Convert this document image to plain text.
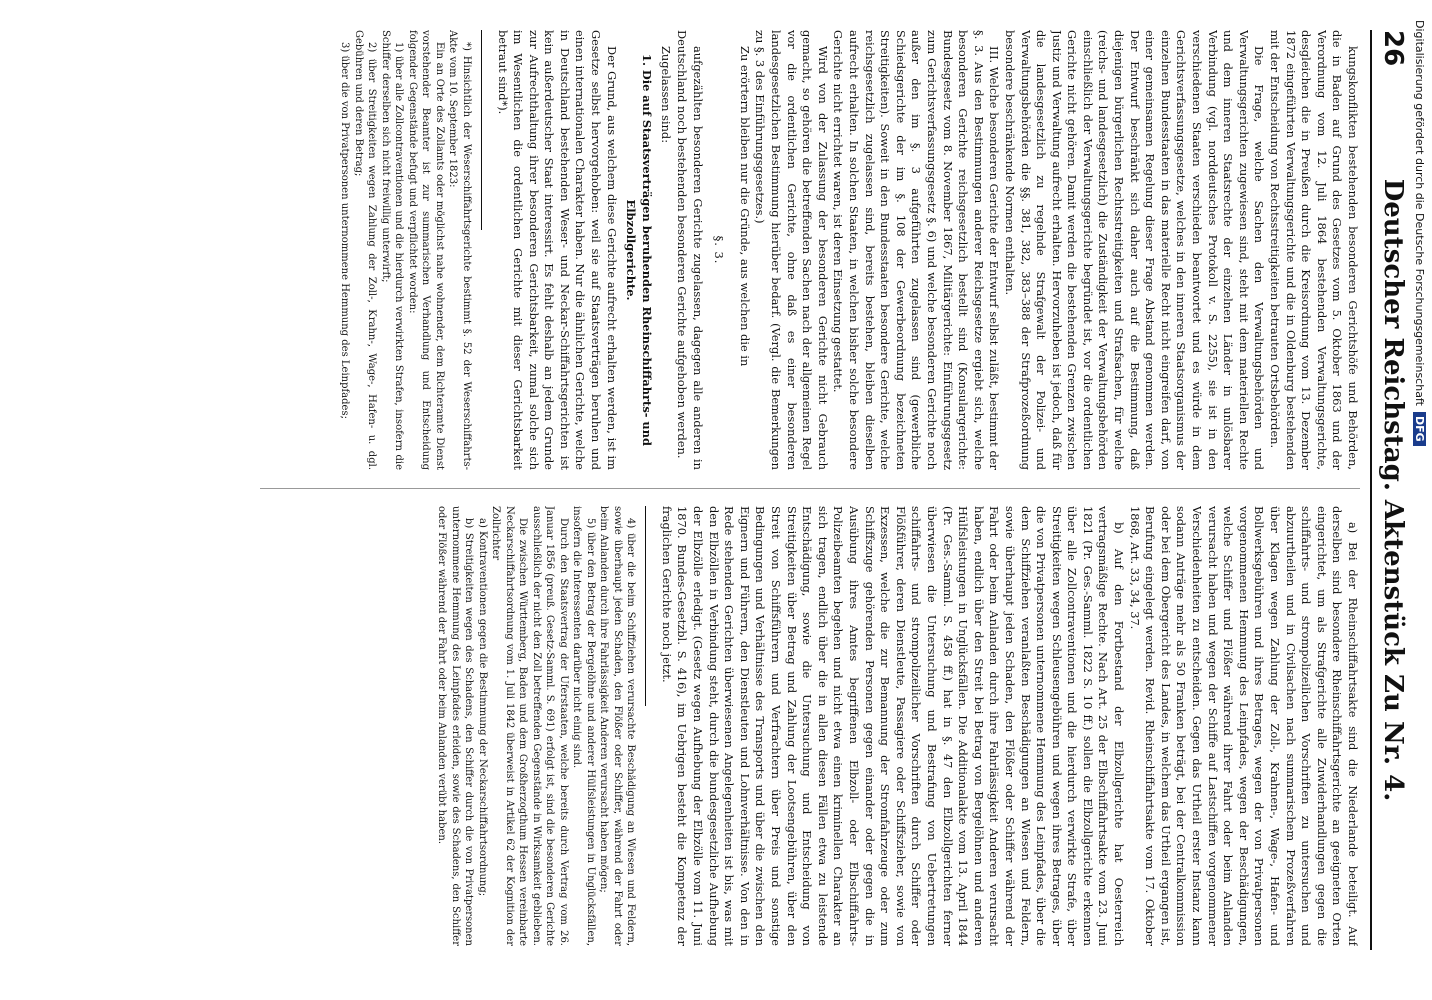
26
Deutscher Reichstag. Aktenstück Zu Nr. 4.

kungskonflikten bestehenden besonderen Gerichtshöfe und Behörden, die in Baden auf Grund des Gesetzes vom 5. Oktober 1863 und der Verordnung vom 12. Juli 1864 bestehenden Verwaltungsgerichte, desgleichen die in Preußen durch die Kreisordnung vom 13. Dezember 1872 eingeführten Verwaltungsgerichte und die in Oldenburg bestehenden mit der Entscheidung von Rechtsstreitigkeiten betrauten Ortsbehörden.

Die Frage, welche Sachen den Verwaltungsbehörden und Verwaltungsgerichten zugewiesen sind, steht mit dem materiellen Rechte und dem inneren Staatsrechte der einzelnen Länder in unlösbarer Verbindung (vgl. norddeutsches Protokoll v. S. 2255), sie ist in den verschiedenen Staaten verschieden beantwortet und es würde in dem Gerichtsverfassungsgesetze, welches in den inneren Staatsorganismus der einzelnen Bundesstaaten in das materielle Recht nicht eingreifen darf, von einer gemeinsamen Regelung dieser Frage Abstand genommen werden. Der Entwurf beschränkt sich daher auch auf die Bestimmung, daß diejenigen bürgerlichen Rechtsstreitigkeiten und Strafsachen, für welche (reichs- und landesgesetzlich) die Zuständigkeit der Verwaltungsbehörden einschließlich der Verwaltungsgerichte begründet ist, vor die ordentlichen Gerichte nicht gehören. Damit werden die bestehenden Grenzen zwischen Justiz und Verwaltung aufrecht erhalten. Hervorzuheben ist jedoch, daß für die landesgesetzlich zu regelnde Strafgewalt der Polizei- und Verwaltungsbehörden die §§. 381, 382, 383–388 der Strafprozeßordnung besondere beschränkende Normen enthalten.

III. Welche besonderen Gerichte der Entwurf selbst zuläßt, bestimmt der §. 3. Aus den Bestimmungen anderer Reichsgesetze ergiebt sich, welche besonderen Gerichte reichsgesetzlich bestellt sind (Konsulargerichte: Bundesgesetz vom 8. November 1867, Militärgerichte: Einführungsgesetz zum Gerichtsverfassungsgesetz §. 6) und welche besonderen Gerichte noch außer den im §. 3 aufgeführten zugelassen sind (gewerbliche Schiedsgerichte der im §. 108 der Gewerbeordnung bezeichneten Streitigkeiten). Soweit in den Bundesstaaten besondere Gerichte, welche reichsgesetzlich zugelassen sind, bereits bestehen, bleiben dieselben aufrecht erhalten. In solchen Staaten, in welchen bisher solche besondere Gerichte nicht errichtet waren, ist deren Einsetzung gestattet.

Wird von der Zulassung der besonderen Gerichte nicht Gebrauch gemacht, so gehören die betreffenden Sachen nach der allgemeinen Regel vor die ordentlichen Gerichte, ohne daß es einer besonderen landesgesetzlichen Bestimmung hierüber bedarf. (Vergl. die Bemerkungen zu §. 3 des Einführungsgesetzes.)

Zu erörtern bleiben nur die Gründe, aus welchen die in

§. 3.

aufgezählten besonderen Gerichte zugelassen, dagegen alle anderen in Deutschland noch bestehenden besonderen Gerichte aufgehoben werden.

Zugelassen sind:

1. Die auf Staatsverträgen beruhenden Rheinschiffahrts- und Elbzollgerichte.

Der Grund, aus welchem diese Gerichte aufrecht erhalten werden, ist im Gesetze selbst hervorgehoben: weil sie auf Staatsverträgen beruhen und einen internationalen Charakter haben. Nur die ähnlichen Gerichte, welche in Deutschland bestehenden Weser- und Neckar-Schiffahrtsgerichten ist kein außerdeutscher Staat interessirt. Es fehlt deshalb an jedem Grunde zur Aufrechthaltung ihrer besonderen Gerichtsbarkeit, zumal solche sich im Wesentlichen die ordentlichen Gerichte mit dieser Gerichtsbarkeit betraut sind*).

*) Hinsichtlich der Weserschiffahrtsgerichte bestimmt §. 52 der Weserschiffahrts-Akte vom 10. September 1823:

Ein an Orte des Zollamts oder möglichst nahe wohnender, dem Richteramte Dienst vorstehender Beamter ist zur summarischen Verhandlung und Entscheidung folgender Gegenstände befugt und verpflichtet worden:

1) über alle Zollcontraventionen und die hierdurch verwirkten Strafen, insofern die Schiffer derselben sich nicht freiwillig unterwirft;

2) über Streitigkeiten wegen Zahlung der Zoll-, Krahn-, Wage-, Hafen- u. dgl. Gebühren und deren Betrag;

3) über die von Privatpersonen unternommene Hemmung des Leinpfades;

a) Bei der Rheinschiffahrtsakte sind die Niederlande beteiligt. Auf derselben sind besondere Rheinschiffahrtsgerichte an geeigneten Orten eingerichtet, um als Strafgerichte alle Zuwiderhandlungen gegen die schiffahrts- und strompolizeilichen Vorschriften zu untersuchen und abzuurtheilen und in Civilsachen nach summarischem Prozeßverfahren über Klagen wegen Zahlung der Zoll-, Krahnen-, Wage-, Hafen- und Bollwerksgebühren und ihres Betrages, wegen der von Privatpersonen vorgenommenen Hemmung des Leinpfades, wegen der Beschädigungen, welche Schiffer und Flößer während ihrer Fahrt oder beim Anlanden verursacht haben und wegen der Schiffe auf Lastschiffen vorgenommener Verschiedenheiten zu entscheiden. Gegen das Urtheil erster Instanz kann sodann Anträge mehr als 50 Franken beträgt, bei der Centralkommission oder bei dem Obergericht des Landes, in welchem das Urtheil ergangen ist, Berufung eingelegt werden. Revid. Rheinschiffahrtsakte vom 17. Oktober 1868, Art. 33, 34, 37.

b) Auf den Fortbestand der Elbzollgerichte hat Oesterreich vertragsmäßige Rechte. Nach Art. 25 der Elbschiffahrtsakte vom 23. Juni 1821 (Pr. Ges.-Samml. 1822 S. 10 ff.) sollen die Elbzollgerichte erkennen über alle Zollcontraventionen und die hierdurch verwirkte Strafe, über Streitigkeiten wegen Schleusengebühren und wegen ihres Betrages, über die von Privatpersonen unternommene Hemmung des Leinpfades, über die dem Schiffziehen veranlaßten Beschädigungen an Wiesen und Feldern, sowie überhaupt jeden Schaden, den Flößer oder Schiffer während der Fahrt oder beim Anlanden durch ihre Fahrlässigkeit Anderen verursacht haben, endlich über den Streit bei Betrag von Bergelöhnen und anderen Hülfsleistungen in Unglücksfällen. Die Additionalakte vom 13. April 1844 (Pr. Ges.-Samml. S. 458 ff.) hat in §. 47 den Elbzollgerichten ferner überwiesen die Untersuchung und Bestrafung von Uebertretungen schiffahrts- und strompolizeilicher Vorschriften durch Schiffer oder Flößführer, deren Dienstleute, Passagiere oder Schiffszieher, sowie von Exzessen, welche die zur Bemannung der Stromfahrzeuge oder zum Schiffszuge gehörenden Personen gegen einander oder gegen die in Ausübung ihres Amtes begriffenen Elbzoll- oder Elbschiffahrts-Polizeibeamten begehen und nicht etwa einen kriminellen Charakter an sich tragen, endlich über die in allen diesen Fällen etwa zu leistende Entschädigung, sowie die Untersuchung und Entscheidung von Streitigkeiten über Betrag und Zahlung der Lootsengebühren, über den Streit von Schiffsführern und Verfrachtern über Preis und sonstige Bedingungen und Verhältnisse des Transports und über die zwischen den Eignern und Führern, den Dienstleuten und Lohnverhältnisse. Von den in Rede stehenden Gerichten überwiesenen Angelegenheiten ist bis, was mit den Elbzöllen in Verbindung steht, durch die bundesgesetzliche Aufhebung der Elbzölle erledigt. (Gesetz wegen Aufhebung der Elbzölle vom 11. Juni 1870. Bundes-Gesetzbl. S. 416), im Uebrigen besteht die Kompetenz der fraglichen Gerichte noch jetzt.

4) über die beim Schiffziehen verursachte Beschädigung an Wiesen und Feldern, sowie überhaupt jeden Schaden, den Flößer oder Schiffer, während der Fahrt oder beim Anlanden durch ihre Fahrlässigkeit Anderen verursacht haben mögen;

5) über den Betrag der Bergelöhne und anderer Hülfsleistungen in Unglücksfällen, insofern die Interessenten darüber nicht einig sind.

Durch den Staatsvertrag der Uferstaaten, welche bereits durch Vertrag vom 26. Januar 1856 (preuß. Gesetz-Samml. S. 691) erfolgt ist, sind die besonderen Gerichte ausschließlich der nicht den Zoll betreffenden Gegenstände in Wirksamkeit geblieben.

Die zwischen Württemberg, Baden und dem Großherzogthum Hessen vereinbarte Neckarschiffahrtsordnung vom 1. Juli 1842 überweist in Artikel 62 der Kognition der Zollrichter

a) Kontraventionen gegen die Bestimmung der Neckarschiffahrtsordnung;

b) Streitigkeiten wegen des Schadens, den Schiffer durch die von Privatpersonen unternommene Hemmung des Leinpfades erleiden, sowie des Schadens, den Schiffer oder Flößer während der Fahrt oder beim Anlanden verübt haben.

Digitalisierung gefördert durch die Deutsche ForschungsgemeinschaftDFG
